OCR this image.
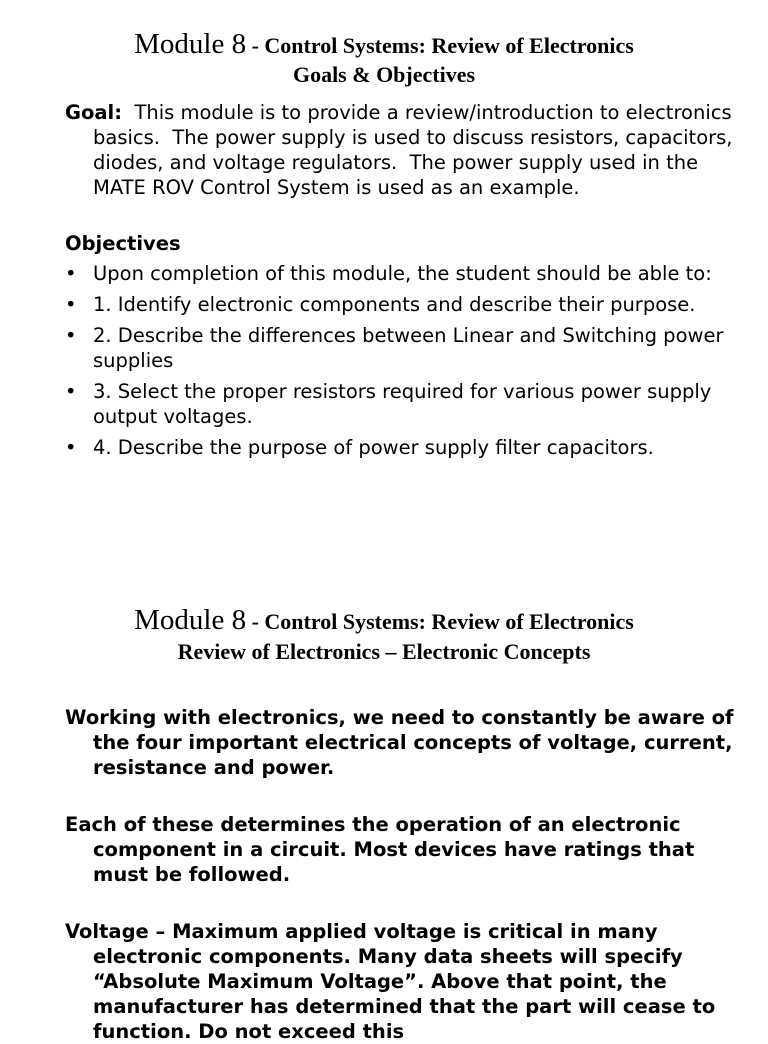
Module 8 - Control Systems: Review of Electronics
Goals & Objectives
Goal:  This module is to provide a review/introduction to electronics basics.  The power supply is used to discuss resistors, capacitors, diodes, and voltage regulators.  The power supply used in the MATE ROV Control System is used as an example.
Objectives
• Upon completion of this module, the student should be able to:
• 1. Identify electronic components and describe their purpose.
• 2. Describe the differences between Linear and Switching power supplies
• 3. Select the proper resistors required for various power supply output voltages.
• 4. Describe the purpose of power supply filter capacitors.
Module 8 - Control Systems: Review of Electronics
Review of Electronics – Electronic Concepts

Working with electronics, we need to constantly be aware of the four important electrical concepts of voltage, current, resistance and power.

Each of these determines the operation of an electronic component in a circuit. Most devices have ratings that must be followed.

Voltage – Maximum applied voltage is critical in many electronic components. Many data sheets will specify “Absolute Maximum Voltage”. Above that point, the manufacturer has determined that the part will cease to function. Do not exceed this
